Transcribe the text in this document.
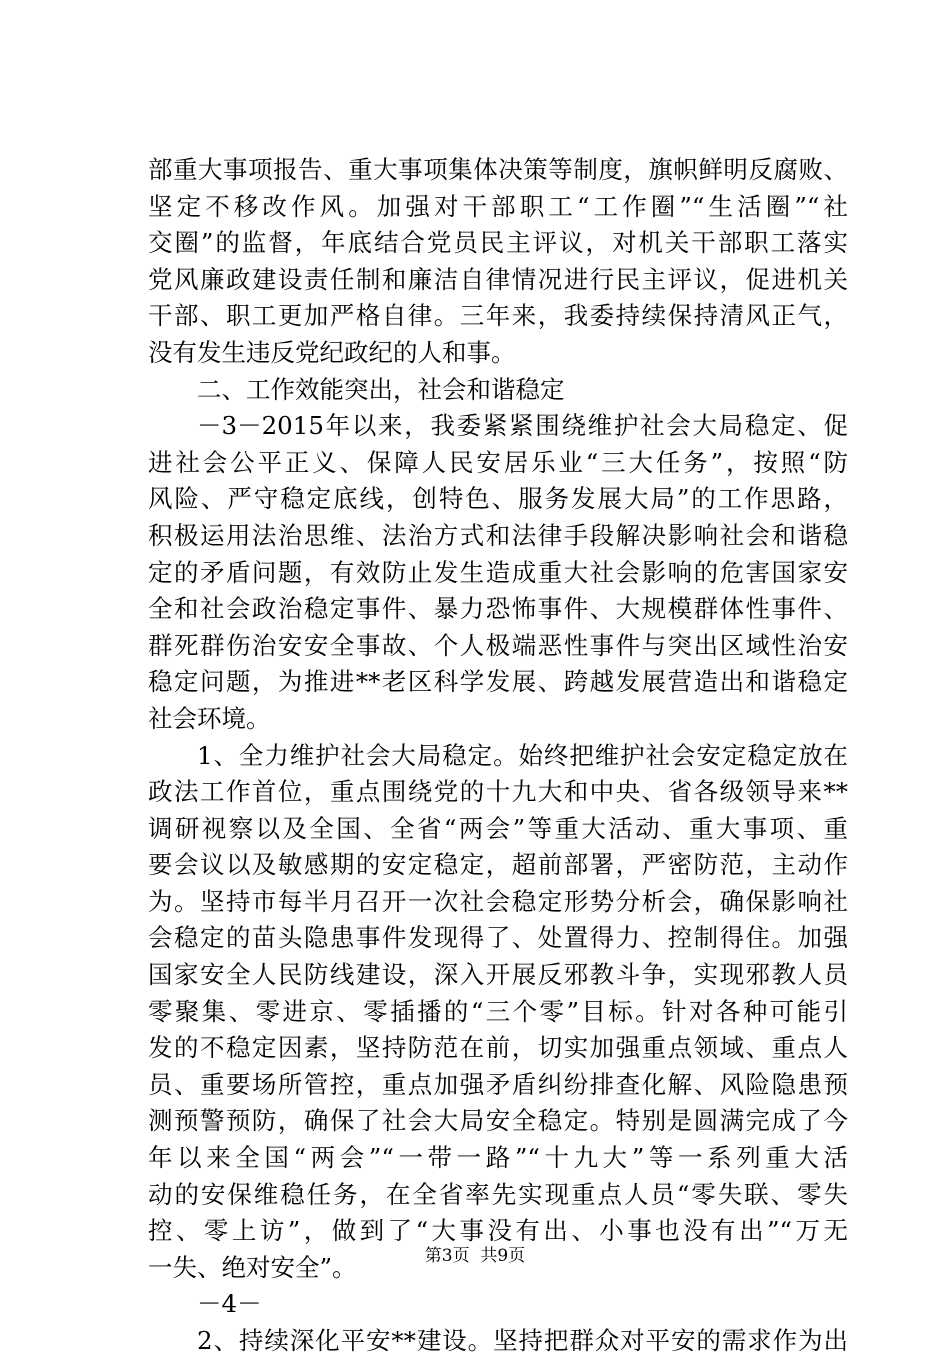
部重大事项报告、重大事项集体决策等制度，旗帜鲜明反腐败、
坚定不移改作风。加强对干部职工“工作圈”“生活圈”“社
交圈”的监督，年底结合党员民主评议，对机关干部职工落实
党风廉政建设责任制和廉洁自律情况进行民主评议，促进机关
干部、职工更加严格自律。三年来，我委持续保持清风正气，
没有发生违反党纪政纪的人和事。
二、工作效能突出，社会和谐稳定
－3－2015年以来，我委紧紧围绕维护社会大局稳定、促
进社会公平正义、保障人民安居乐业“三大任务”，按照“防
风险、严守稳定底线，创特色、服务发展大局”的工作思路，
积极运用法治思维、法治方式和法律手段解决影响社会和谐稳
定的矛盾问题，有效防止发生造成重大社会影响的危害国家安
全和社会政治稳定事件、暴力恐怖事件、大规模群体性事件、
群死群伤治安安全事故、个人极端恶性事件与突出区域性治安
稳定问题，为推进**老区科学发展、跨越发展营造出和谐稳定
社会环境。
1、全力维护社会大局稳定。始终把维护社会安定稳定放在
政法工作首位，重点围绕党的十九大和中央、省各级领导来**
调研视察以及全国、全省“两会”等重大活动、重大事项、重
要会议以及敏感期的安定稳定，超前部署，严密防范，主动作
为。坚持市每半月召开一次社会稳定形势分析会，确保影响社
会稳定的苗头隐患事件发现得了、处置得力、控制得住。加强
国家安全人民防线建设，深入开展反邪教斗争，实现邪教人员
零聚集、零进京、零插播的“三个零”目标。针对各种可能引
发的不稳定因素，坚持防范在前，切实加强重点领域、重点人
员、重要场所管控，重点加强矛盾纠纷排查化解、风险隐患预
测预警预防，确保了社会大局安全稳定。特别是圆满完成了今
年以来全国“两会”“一带一路”“十九大”等一系列重大活
动的安保维稳任务，在全省率先实现重点人员“零失联、零失
控、零上访”，做到了“大事没有出、小事也没有出”“万无
一失、绝对安全”。
－4－
2、持续深化平安**建设。坚持把群众对平安的需求作为出
第3页  共9页
